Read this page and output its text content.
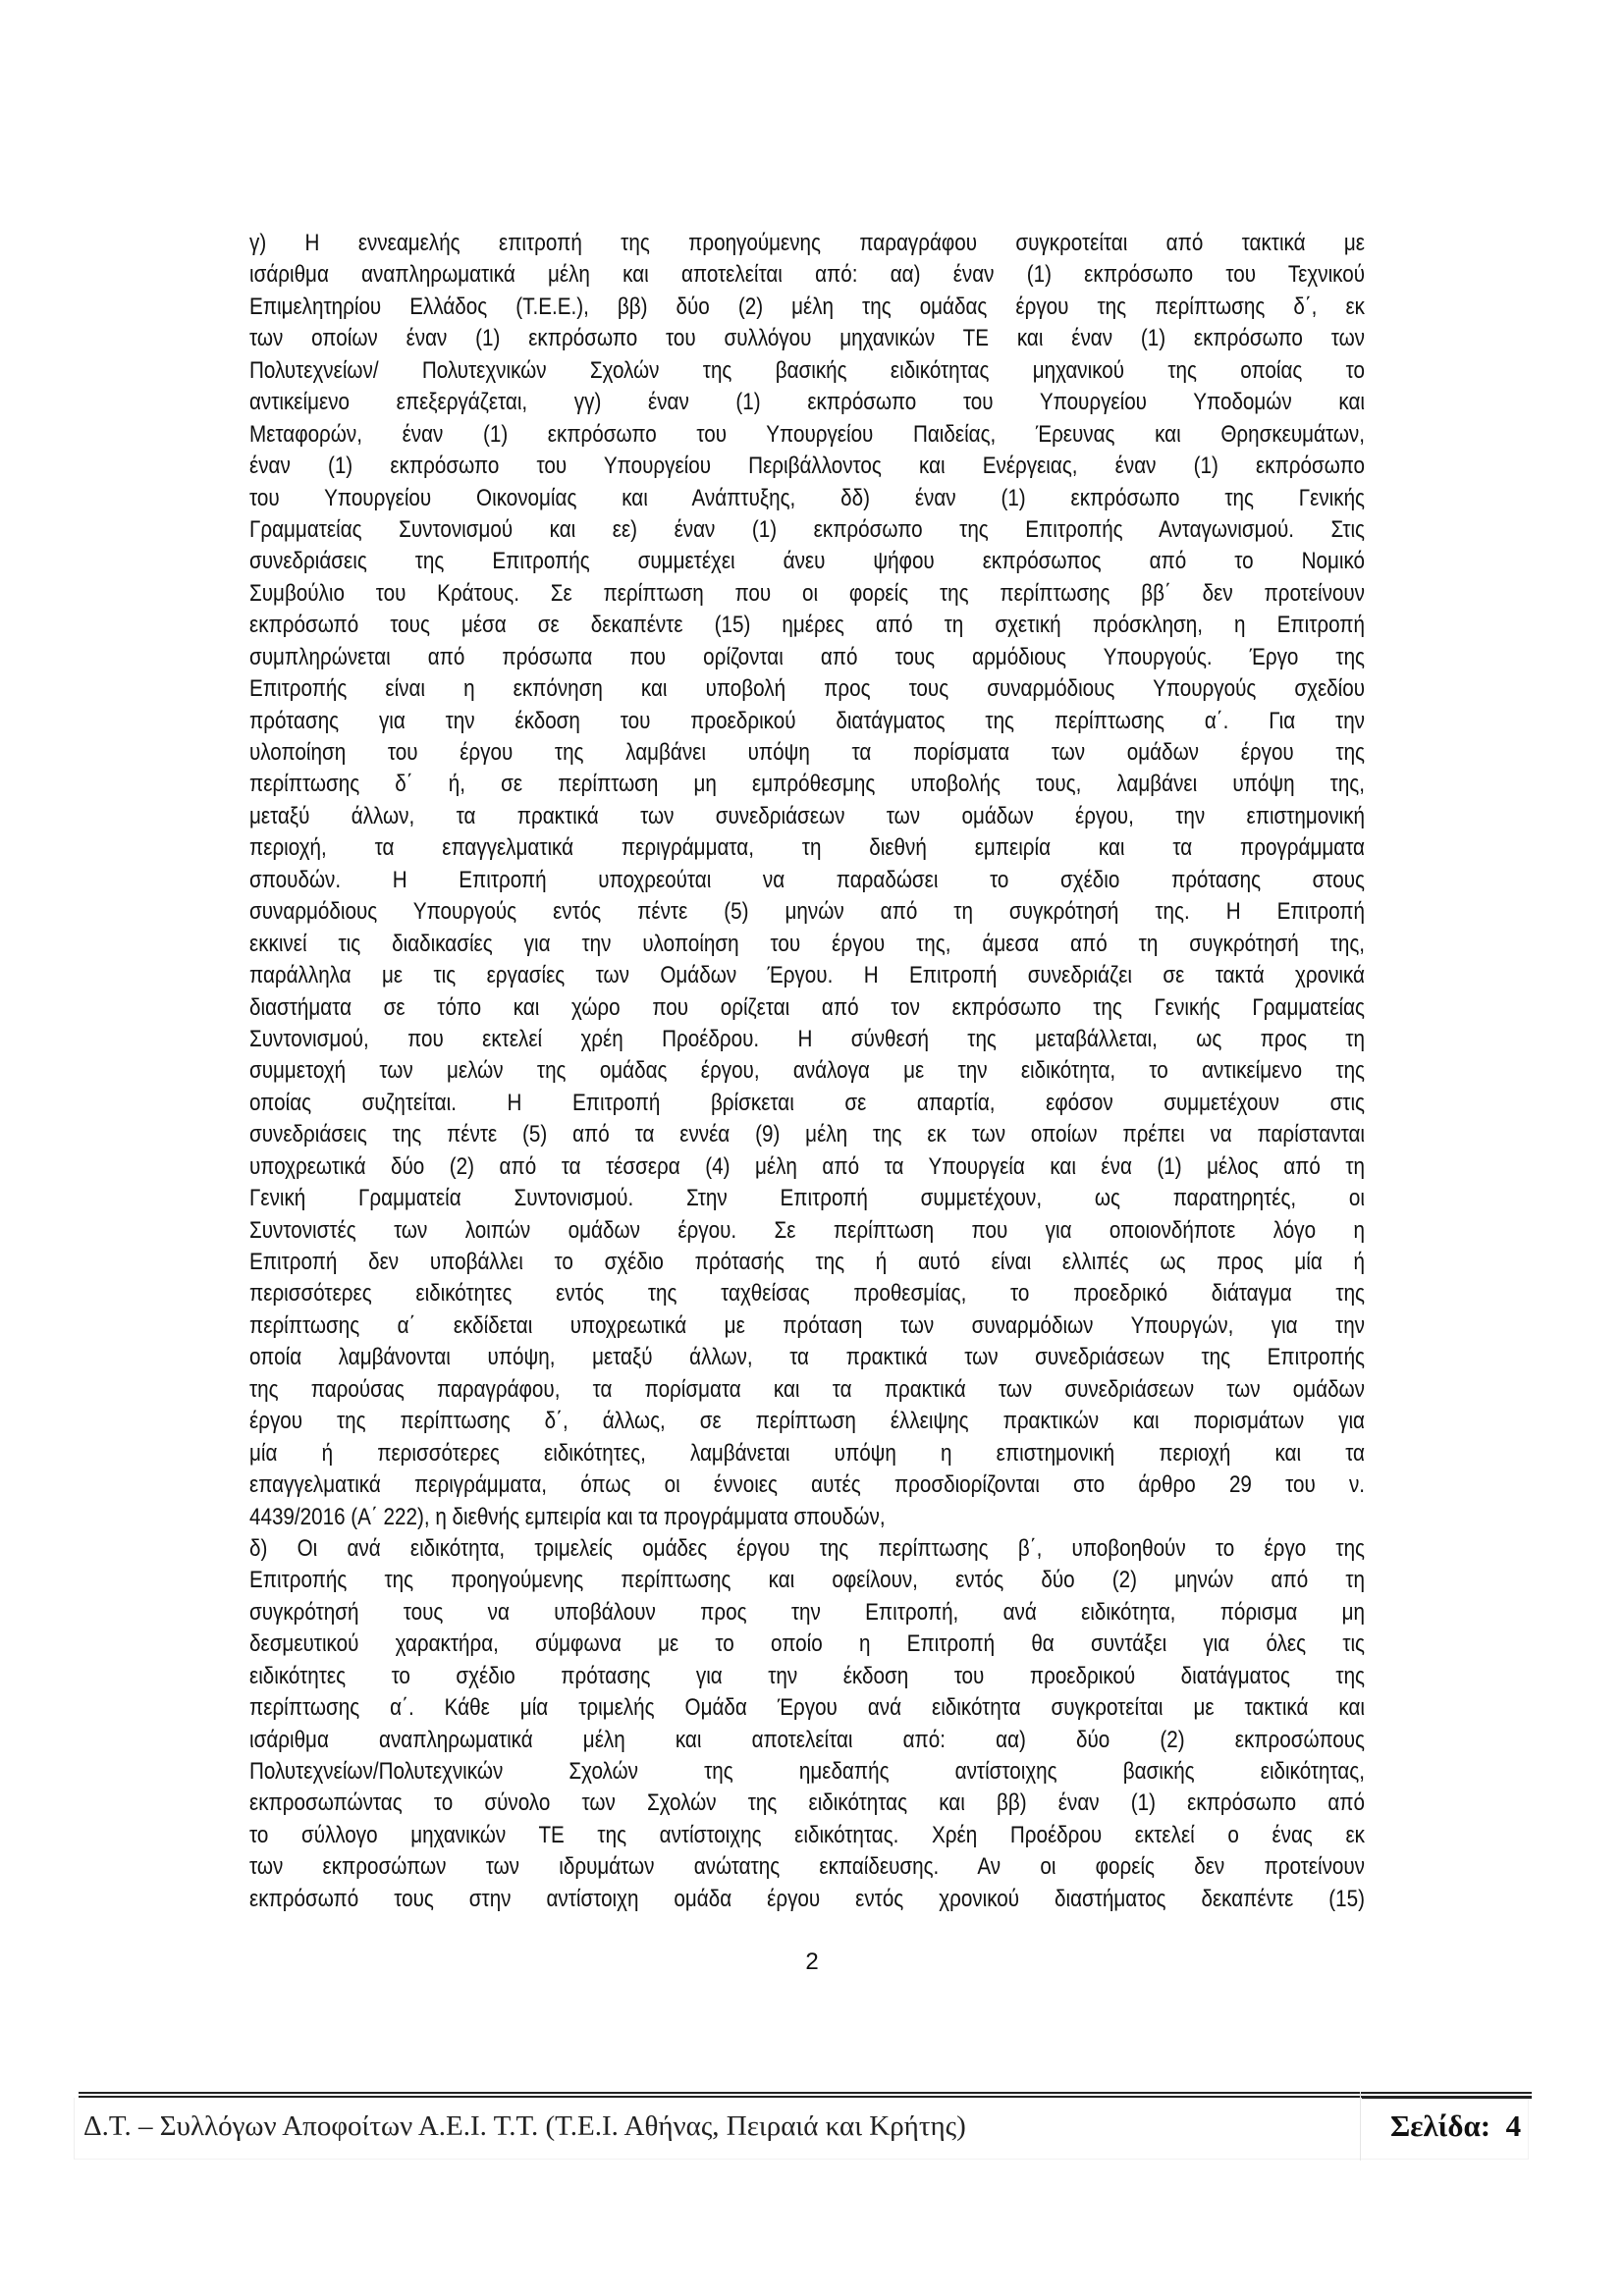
γ) Η εννεαμελής επιτροπή της προηγούμενης παραγράφου συγκροτείται από τακτικά με
ισάριθμα αναπληρωματικά μέλη και αποτελείται από: αα) έναν (1) εκπρόσωπο του Τεχνικού
Επιμελητηρίου Ελλάδος (Τ.Ε.Ε.), ββ) δύο (2) μέλη της ομάδας έργου της περίπτωσης δ΄, εκ
των οποίων έναν (1) εκπρόσωπο του συλλόγου μηχανικών ΤΕ και έναν (1) εκπρόσωπο των
Πολυτεχνείων/ Πολυτεχνικών Σχολών της βασικής ειδικότητας μηχανικού της οποίας το
αντικείμενο επεξεργάζεται, γγ) έναν (1) εκπρόσωπο του Υπουργείου Υποδομών και
Μεταφορών, έναν (1) εκπρόσωπο του Υπουργείου Παιδείας, Έρευνας και Θρησκευμάτων,
έναν (1) εκπρόσωπο του Υπουργείου Περιβάλλοντος και Ενέργειας, έναν (1) εκπρόσωπο
του Υπουργείου Οικονομίας και Ανάπτυξης, δδ) έναν (1) εκπρόσωπο της Γενικής
Γραμματείας Συντονισμού και εε) έναν (1) εκπρόσωπο της Επιτροπής Ανταγωνισμού. Στις
συνεδριάσεις της Επιτροπής συμμετέχει άνευ ψήφου εκπρόσωπος από το Νομικό
Συμβούλιο του Κράτους. Σε περίπτωση που οι φορείς της περίπτωσης ββ΄ δεν προτείνουν
εκπρόσωπό τους μέσα σε δεκαπέντε (15) ημέρες από τη σχετική πρόσκληση, η Επιτροπή
συμπληρώνεται από πρόσωπα που ορίζονται από τους αρμόδιους Υπουργούς. Έργο της
Επιτροπής είναι η εκπόνηση και υποβολή προς τους συναρμόδιους Υπουργούς σχεδίου
πρότασης για την έκδοση του προεδρικού διατάγματος της περίπτωσης α΄. Για την
υλοποίηση του έργου της λαμβάνει υπόψη τα πορίσματα των ομάδων έργου της
περίπτωσης δ΄ ή, σε περίπτωση μη εμπρόθεσμης υποβολής τους, λαμβάνει υπόψη της,
μεταξύ άλλων, τα πρακτικά των συνεδριάσεων των ομάδων έργου, την επιστημονική
περιοχή, τα επαγγελματικά περιγράμματα, τη διεθνή εμπειρία και τα προγράμματα
σπουδών. Η Επιτροπή υποχρεούται να παραδώσει το σχέδιο πρότασης στους
συναρμόδιους Υπουργούς εντός πέντε (5) μηνών από τη συγκρότησή της. Η Επιτροπή
εκκινεί τις διαδικασίες για την υλοποίηση του έργου της, άμεσα από τη συγκρότησή της,
παράλληλα με τις εργασίες των Ομάδων Έργου. Η Επιτροπή συνεδριάζει σε τακτά χρονικά
διαστήματα σε τόπο και χώρο που ορίζεται από τον εκπρόσωπο της Γενικής Γραμματείας
Συντονισμού, που εκτελεί χρέη Προέδρου. Η σύνθεσή της μεταβάλλεται, ως προς τη
συμμετοχή των μελών της ομάδας έργου, ανάλογα με την ειδικότητα, το αντικείμενο της
οποίας συζητείται. Η Επιτροπή βρίσκεται σε απαρτία, εφόσον συμμετέχουν στις
συνεδριάσεις της πέντε (5) από τα εννέα (9) μέλη της εκ των οποίων πρέπει να παρίστανται
υποχρεωτικά δύο (2) από τα τέσσερα (4) μέλη από τα Υπουργεία και ένα (1) μέλος από τη
Γενική Γραμματεία Συντονισμού. Στην Επιτροπή συμμετέχουν, ως παρατηρητές, οι
Συντονιστές των λοιπών ομάδων έργου. Σε περίπτωση που για οποιονδήποτε λόγο η
Επιτροπή δεν υποβάλλει το σχέδιο πρότασής της ή αυτό είναι ελλιπές ως προς μία ή
περισσότερες ειδικότητες εντός της ταχθείσας προθεσμίας, το προεδρικό διάταγμα της
περίπτωσης α΄ εκδίδεται υποχρεωτικά με πρόταση των συναρμόδιων Υπουργών, για την
οποία λαμβάνονται υπόψη, μεταξύ άλλων, τα πρακτικά των συνεδριάσεων της Επιτροπής
της παρούσας παραγράφου, τα πορίσματα και τα πρακτικά των συνεδριάσεων των ομάδων
έργου της περίπτωσης δ΄, άλλως, σε περίπτωση έλλειψης πρακτικών και πορισμάτων για
μία ή περισσότερες ειδικότητες, λαμβάνεται υπόψη η επιστημονική περιοχή και τα
επαγγελματικά περιγράμματα, όπως οι έννοιες αυτές προσδιορίζονται στο άρθρο 29 του ν.
4439/2016 (Α΄ 222), η διεθνής εμπειρία και τα προγράμματα σπουδών,
δ) Οι ανά ειδικότητα, τριμελείς ομάδες έργου της περίπτωσης β΄, υποβοηθούν το έργο της
Επιτροπής της προηγούμενης περίπτωσης και οφείλουν, εντός δύο (2) μηνών από τη
συγκρότησή τους να υποβάλουν προς την Επιτροπή, ανά ειδικότητα, πόρισμα μη
δεσμευτικού χαρακτήρα, σύμφωνα με το οποίο η Επιτροπή θα συντάξει για όλες τις
ειδικότητες το σχέδιο πρότασης για την έκδοση του προεδρικού διατάγματος της
περίπτωσης α΄. Κάθε μία τριμελής Ομάδα Έργου ανά ειδικότητα συγκροτείται με τακτικά και
ισάριθμα αναπληρωματικά μέλη και αποτελείται από: αα) δύο (2) εκπροσώπους
Πολυτεχνείων/Πολυτεχνικών Σχολών της ημεδαπής αντίστοιχης βασικής ειδικότητας,
εκπροσωπώντας το σύνολο των Σχολών της ειδικότητας και ββ) έναν (1) εκπρόσωπο από
το σύλλογο μηχανικών ΤΕ της αντίστοιχης ειδικότητας. Χρέη Προέδρου εκτελεί ο ένας εκ
των εκπροσώπων των ιδρυμάτων ανώτατης εκπαίδευσης. Αν οι φορείς δεν προτείνουν
εκπρόσωπό τους στην αντίστοιχη ομάδα έργου εντός χρονικού διαστήματος δεκαπέντε (15)
2
Δ.Τ. – Συλλόγων Αποφοίτων Α.Ε.Ι. Τ.Τ. (Τ.Ε.Ι. Αθήνας, Πειραιά και Κρήτης)	Σελίδα: 4
